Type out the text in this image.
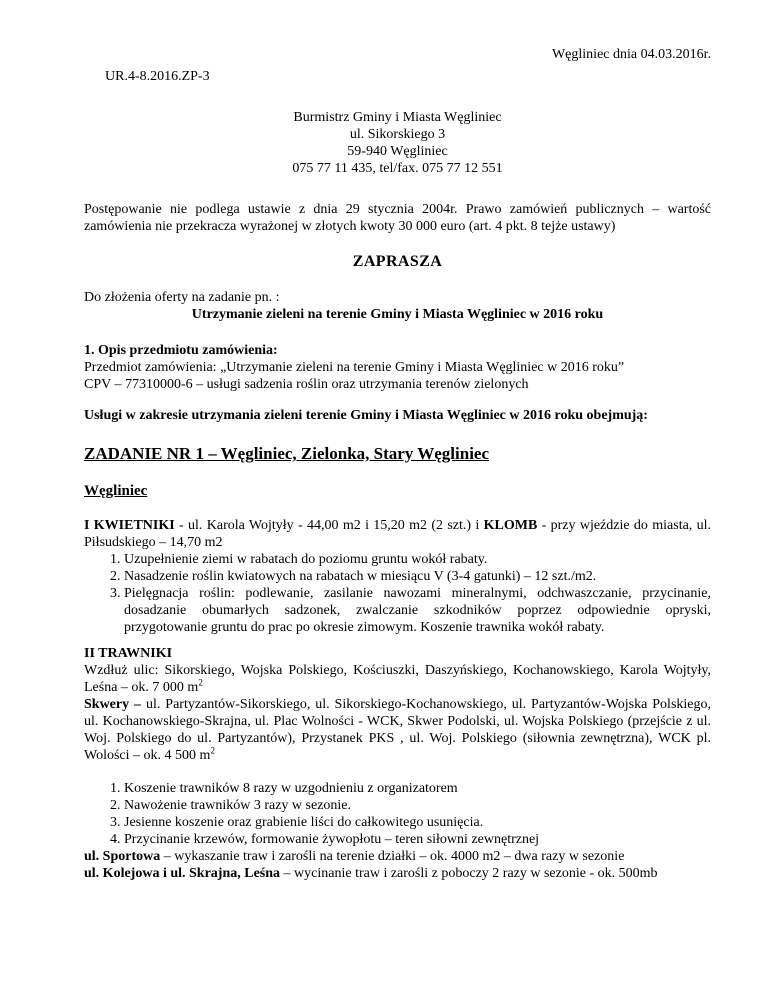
Węgliniec dnia 04.03.2016r.
UR.4-8.2016.ZP-3
Burmistrz Gminy i Miasta Węgliniec
ul. Sikorskiego 3
59-940 Węgliniec
075 77 11 435, tel/fax. 075 77 12 551

Postępowanie nie podlega ustawie z dnia 29 stycznia 2004r. Prawo zamówień publicznych – wartość zamówienia nie przekracza wyrażonej w złotych kwoty 30 000 euro (art. 4 pkt. 8 tejże ustawy)

ZAPRASZA

Do złożenia oferty na zadanie pn. :

Utrzymanie zieleni na terenie Gminy i Miasta Węgliniec w 2016 roku

1. Opis przedmiotu zamówienia:

Przedmiot zamówienia: „Utrzymanie zieleni na terenie Gminy i Miasta Węgliniec w 2016 roku”

CPV – 77310000-6 – usługi sadzenia roślin oraz utrzymania terenów zielonych

Usługi w zakresie utrzymania zieleni terenie Gminy i Miasta Węgliniec w 2016 roku obejmują:

ZADANIE NR 1 – Węgliniec, Zielonka, Stary Węgliniec
Węgliniec

I KWIETNIKI - ul. Karola Wojtyły - 44,00 m2 i 15,20 m2 (2 szt.) i KLOMB - przy wjeździe do miasta, ul. Piłsudskiego – 14,70 m2

1. Uzupełnienie ziemi w rabatach do poziomu gruntu wokół rabaty.
2. Nasadzenie roślin kwiatowych na rabatach w miesiącu V (3-4 gatunki) – 12 szt./m2.
3. Pielęgnacja roślin: podlewanie, zasilanie nawozami mineralnymi, odchwaszczanie, przycinanie, dosadzanie obumarłych sadzonek, zwalczanie szkodników poprzez odpowiednie opryski, przygotowanie gruntu do prac po okresie zimowym. Koszenie trawnika wokół rabaty.

II TRAWNIKI

Wzdłuż ulic: Sikorskiego, Wojska Polskiego, Kościuszki, Daszyńskiego, Kochanowskiego, Karola Wojtyły, Leśna – ok. 7 000 $m^2$

Skwery – ul. Partyzantów-Sikorskiego, ul. Sikorskiego-Kochanowskiego, ul. Partyzantów-Wojska Polskiego, ul. Kochanowskiego-Skrajna, ul. Plac Wolności - WCK, Skwer Podolski, ul. Wojska Polskiego (przejście z ul. Woj. Polskiego do ul. Partyzantów), Przystanek PKS , ul. Woj. Polskiego (siłownia zewnętrzna), WCK pl. Wolości – ok. 4 500 $m^2$

1. Koszenie trawników 8 razy w uzgodnieniu z organizatorem
2. Nawożenie trawników 3 razy w sezonie.
3. Jesienne koszenie oraz grabienie liści do całkowitego usunięcia.
4. Przycinanie krzewów, formowanie żywopłotu – teren siłowni zewnętrznej

ul. Sportowa – wykaszanie traw i zarośli na terenie działki – ok. 4000 m2 – dwa razy w sezonie

ul. Kolejowa i ul. Skrajna, Leśna – wycinanie traw i zarośli z poboczy 2 razy w sezonie - ok. 500mb
